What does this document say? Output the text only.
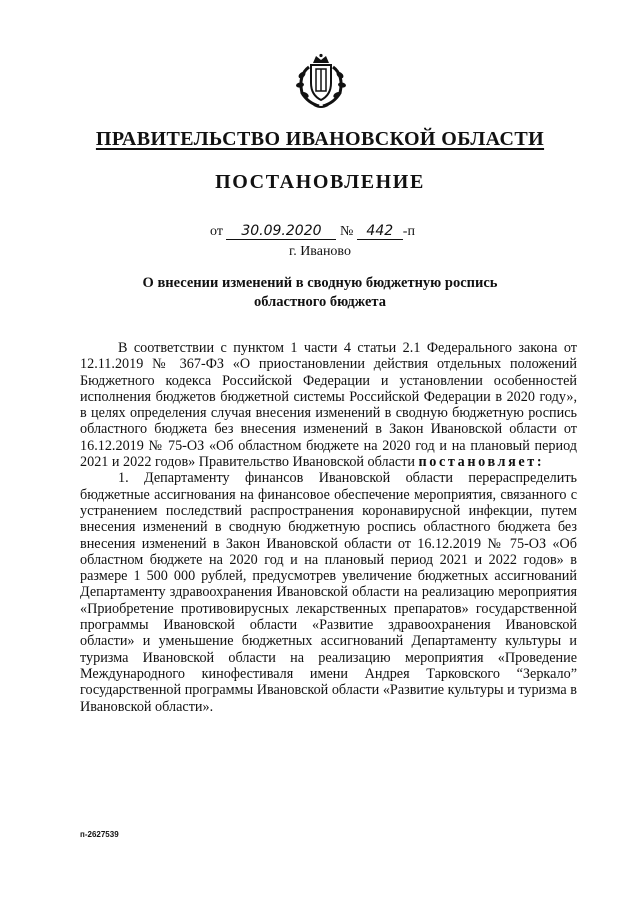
ПРАВИТЕЛЬСТВО ИВАНОВСКОЙ ОБЛАСТИ
ПОСТАНОВЛЕНИЕ
от 30.09.2020 № 442 -п
г. Иваново
О внесении изменений в сводную бюджетную роспись
областного бюджета

В соответствии с пунктом 1 части 4 статьи 2.1 Федерального закона от 12.11.2019 № 367-ФЗ «О приостановлении действия отдельных положений Бюджетного кодекса Российской Федерации и установлении особенностей исполнения бюджетов бюджетной системы Российской Федерации в 2020 году», в целях определения случая внесения изменений в сводную бюджетную роспись областного бюджета без внесения изменений в Закон Ивановской области от 16.12.2019 № 75-ОЗ «Об областном бюджете на 2020 год и на плановый период 2021 и 2022 годов» Правительство Ивановской области постановляет:

1. Департаменту финансов Ивановской области перераспределить бюджетные ассигнования на финансовое обеспечение мероприятия, связанного с устранением последствий распространения коронавирусной инфекции, путем внесения изменений в сводную бюджетную роспись областного бюджета без внесения изменений в Закон Ивановской области от 16.12.2019 № 75-ОЗ «Об областном бюджете на 2020 год и на плановый период 2021 и 2022 годов» в размере 1 500 000 рублей, предусмотрев увеличение бюджетных ассигнований Департаменту здравоохранения Ивановской области на реализацию мероприятия «Приобретение противовирусных лекарственных препаратов» государственной программы Ивановской области «Развитие здравоохранения Ивановской области» и уменьшение бюджетных ассигнований Департаменту культуры и туризма Ивановской области на реализацию мероприятия «Проведение Международного кинофестиваля имени Андрея Тарковского “Зеркало” государственной программы Ивановской области «Развитие культуры и туризма в Ивановской области».

п-2627539
